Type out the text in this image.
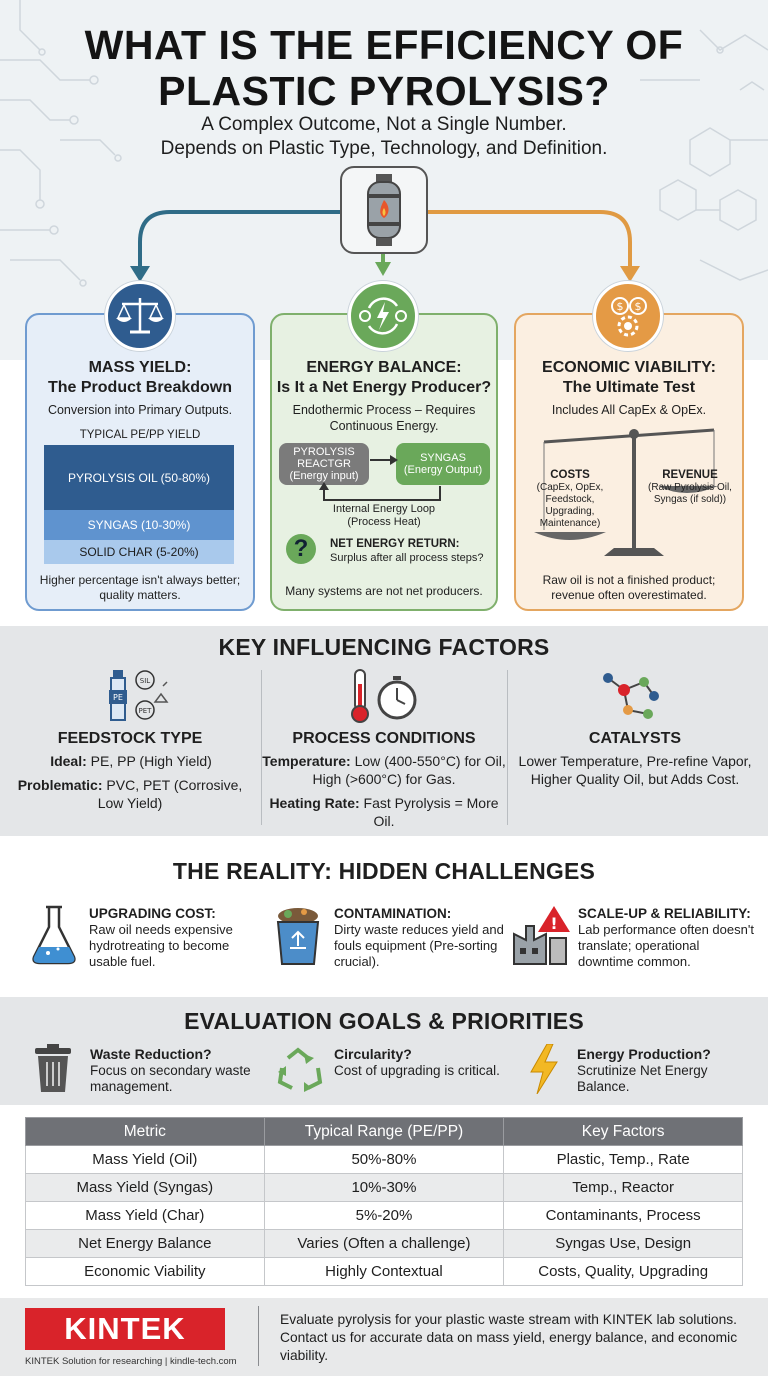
WHAT IS THE EFFICIENCY OF
PLASTIC PYROLYSIS?
A Complex Outcome, Not a Single Number.
Depends on Plastic Type, Technology, and Definition.
$ $
MASS YIELD:
The Product Breakdown
Conversion into Primary Outputs.
TYPICAL PE/PP YIELD
PYROLYSIS OIL (50-80%)
SYNGAS (10-30%)
SOLID CHAR (5-20%)
Higher percentage isn't always better; quality matters.
ENERGY BALANCE:
Is It a Net Energy Producer?
Endothermic Process – Requires Continuous Energy.
PYROLYSIS
REACTGR
(Energy input)
SYNGAS
(Energy Output)
Internal Energy Loop
(Process Heat)
?	NET ENERGY RETURN:
Surplus after all process steps?
Many systems are not net producers.
ECONOMIC VIABILITY:
The Ultimate Test
Includes All CapEx & OpEx.
COSTS
(CapEx, OpEx, Feedstock, Upgrading, Maintenance)
REVENUE
(Raw Pyrolysis Oil, Syngas (if sold))
Raw oil is not a finished product; revenue often overestimated.
KEY INFLUENCING FACTORS
PE
SIL
PET
FEEDSTOCK TYPE
Ideal: PE, PP (High Yield)
Problematic: PVC, PET (Corrosive, Low Yield)
PROCESS CONDITIONS
Temperature: Low (400-550°C) for Oil, High (>600°C) for Gas.
Heating Rate: Fast Pyrolysis = More Oil.
CATALYSTS
Lower Temperature, Pre-refine Vapor, Higher Quality Oil, but Adds Cost.
THE REALITY: HIDDEN CHALLENGES
UPGRADING COST:
Raw oil needs expensive hydrotreating to become usable fuel.
CONTAMINATION:
Dirty waste reduces yield and fouls equipment (Pre-sorting crucial).
!
SCALE-UP & RELIABILITY:
Lab performance often doesn't translate; operational downtime common.
EVALUATION GOALS & PRIORITIES
Waste Reduction?
Focus on secondary waste management.
Circularity?
Cost of upgrading is critical.
Energy Production?
Scrutinize Net Energy Balance.
Metric	Typical Range (PE/PP)	Key Factors
Mass Yield (Oil)	50%-80%	Plastic, Temp., Rate
Mass Yield (Syngas)	10%-30%	Temp., Reactor
Mass Yield (Char)	5%-20%	Contaminants, Process
Net Energy Balance	Varies (Often a challenge)	Syngas Use, Design
Economic Viability	Highly Contextual	Costs, Quality, Upgrading
KINTEK
KINTEK Solution for researching | kindle-tech.com
Evaluate pyrolysis for your plastic waste stream with KINTEK lab solutions. Contact us for accurate data on mass yield, energy balance, and economic viability.
